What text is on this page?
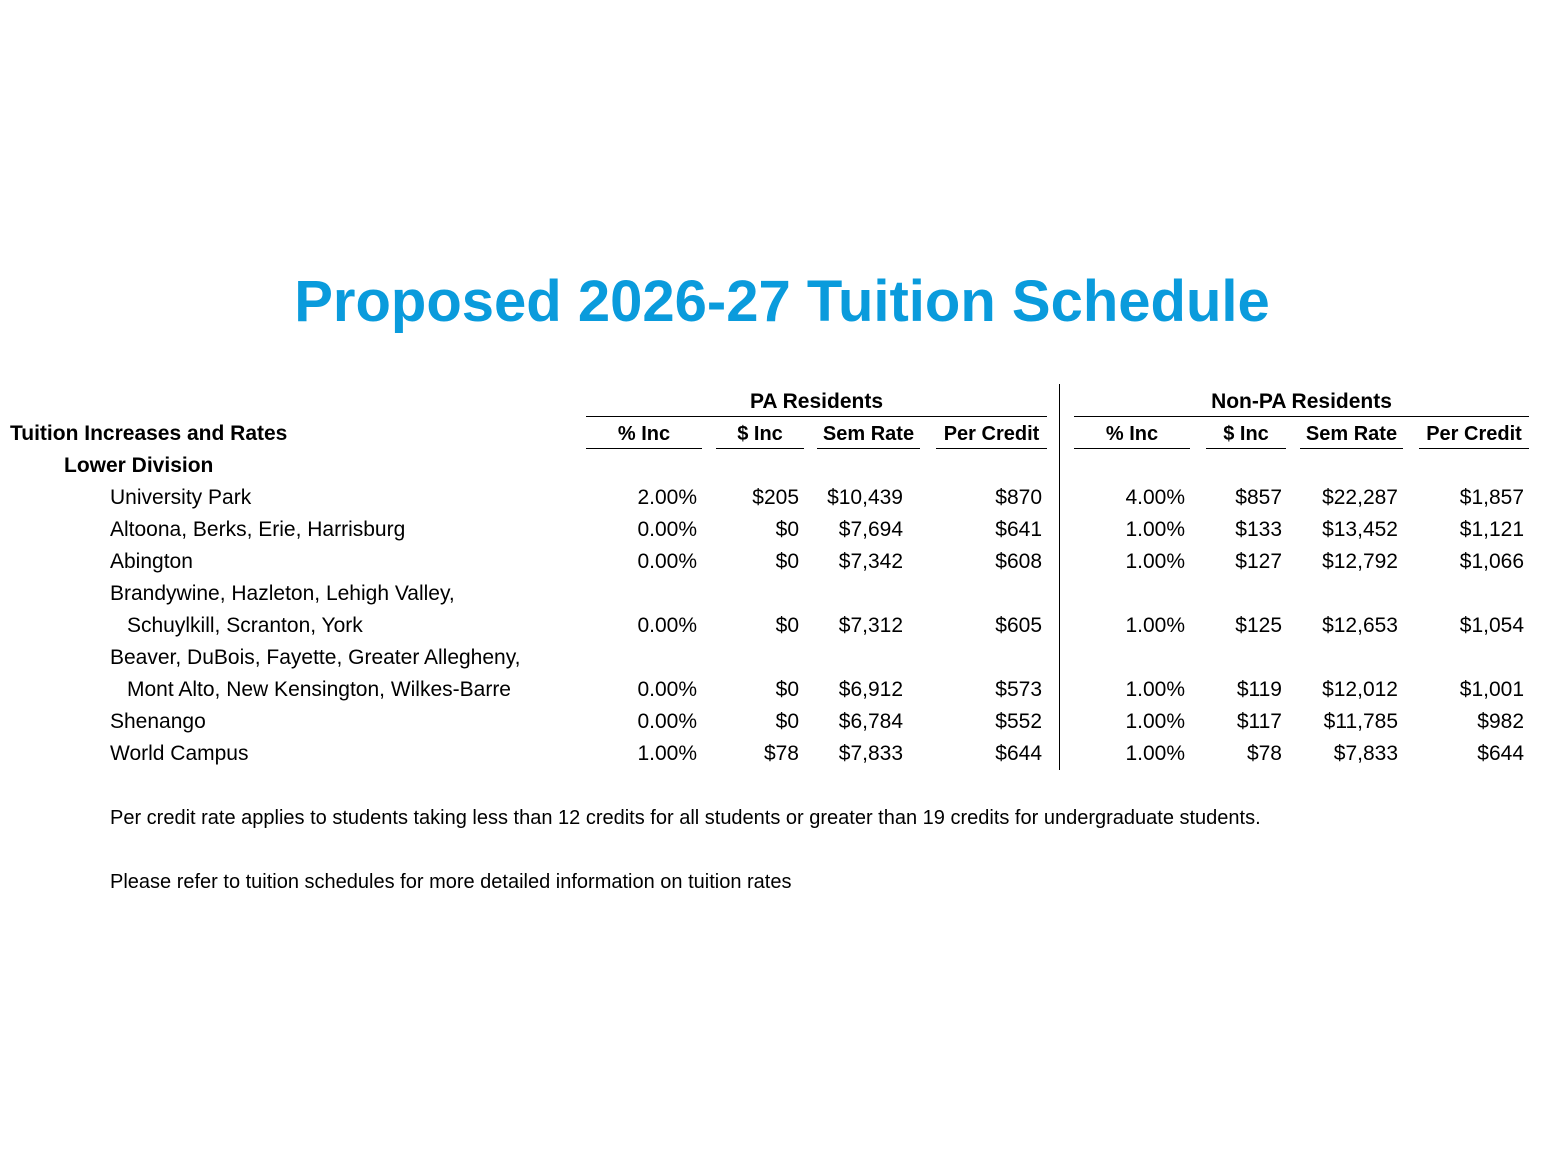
Proposed 2026-27 Tuition Schedule
PA Residents	Non-PA Residents
Tuition Increases and Rates	% Inc	$ Inc	Sem Rate	Per Credit	% Inc	$ Inc	Sem Rate	Per Credit
Lower Division
University Park	2.00%	$205 $10,439	$870	4.00% $857 $22,287	$1,857
Altoona, Berks, Erie, Harrisburg	0.00%	$0 $7,694	$641	1.00% $133 $13,452	$1,121
Abington	0.00%	$0 $7,342	$608	1.00% $127 $12,792	$1,066
Brandywine, Hazleton, Lehigh Valley,
Schuylkill, Scranton, York	0.00%	$0 $7,312	$605	1.00% $125 $12,653	$1,054
Beaver, DuBois, Fayette, Greater Allegheny,
Mont Alto, New Kensington, Wilkes-Barre	0.00%	$0 $6,912	$573	1.00% $119 $12,012	$1,001
Shenango	0.00%	$0 $6,784	$552	1.00% $117 $11,785	$982
World Campus	1.00%	$78 $7,833	$644	1.00%	$78 $7,833	$644
Per credit rate applies to students taking less than 12 credits for all students or greater than 19 credits for undergraduate students.
Please refer to tuition schedules for more detailed information on tuition rates
